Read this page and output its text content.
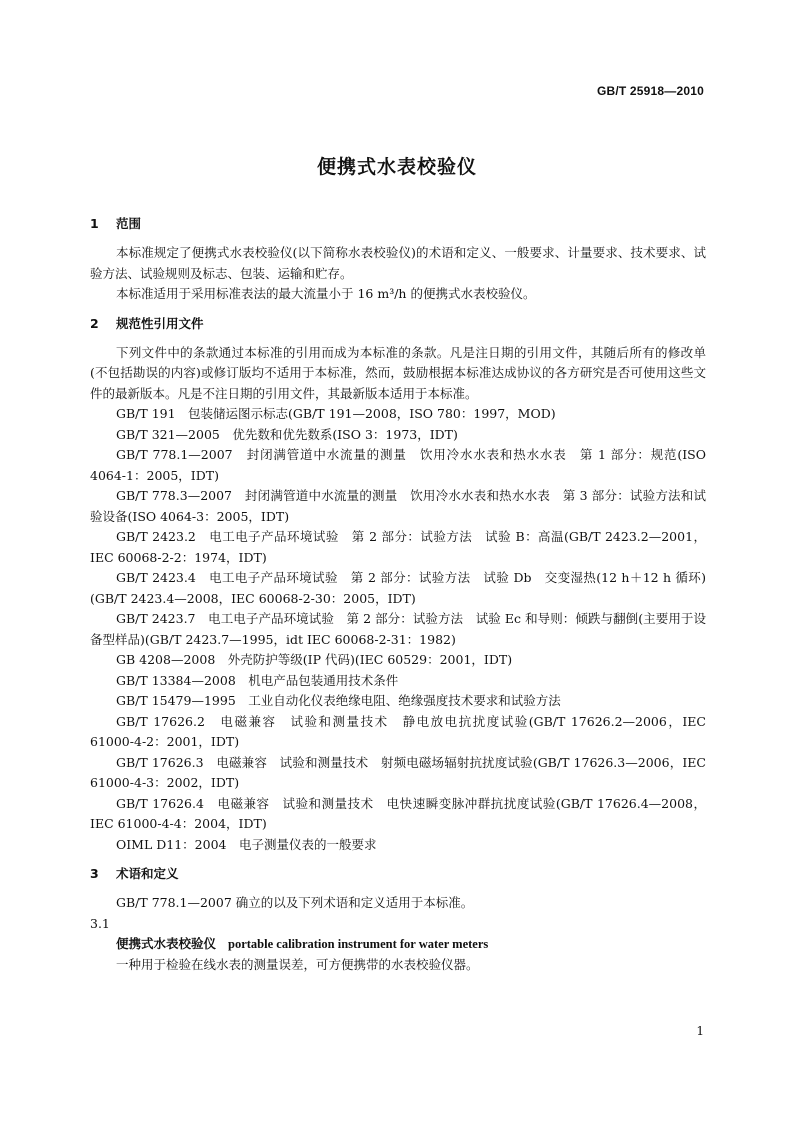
GB/T 25918—2010
便携式水表校验仪
1 范围

本标准规定了便携式水表校验仪(以下简称水表校验仪)的术语和定义、一般要求、计量要求、技术要求、试验方法、试验规则及标志、包装、运输和贮存。

本标准适用于采用标准表法的最大流量小于 16 m³/h 的便携式水表校验仪。

2 规范性引用文件

下列文件中的条款通过本标准的引用而成为本标准的条款。凡是注日期的引用文件，其随后所有的修改单(不包括勘误的内容)或修订版均不适用于本标准，然而，鼓励根据本标准达成协议的各方研究是否可使用这些文件的最新版本。凡是不注日期的引用文件，其最新版本适用于本标准。

GB/T 191　包装储运图示标志(GB/T 191—2008，ISO 780：1997，MOD)

GB/T 321—2005　优先数和优先数系(ISO 3：1973，IDT)

GB/T 778.1—2007　封闭满管道中水流量的测量　饮用冷水水表和热水水表　第 1 部分：规范(ISO 4064-1：2005，IDT)

GB/T 778.3—2007　封闭满管道中水流量的测量　饮用冷水水表和热水水表　第 3 部分：试验方法和试验设备(ISO 4064-3：2005，IDT)

GB/T 2423.2　电工电子产品环境试验　第 2 部分：试验方法　试验 B：高温(GB/T 2423.2—2001，IEC 60068-2-2：1974，IDT)

GB/T 2423.4　电工电子产品环境试验　第 2 部分：试验方法　试验 Db　交变湿热(12 h＋12 h 循环)(GB/T 2423.4—2008，IEC 60068-2-30：2005，IDT)

GB/T 2423.7　电工电子产品环境试验　第 2 部分：试验方法　试验 Ec 和导则：倾跌与翻倒(主要用于设备型样品)(GB/T 2423.7—1995，idt IEC 60068-2-31：1982)

GB 4208—2008　外壳防护等级(IP 代码)(IEC 60529：2001，IDT)

GB/T 13384—2008　机电产品包装通用技术条件

GB/T 15479—1995　工业自动化仪表绝缘电阻、绝缘强度技术要求和试验方法

GB/T 17626.2　电磁兼容　试验和测量技术　静电放电抗扰度试验(GB/T 17626.2—2006，IEC 61000-4-2：2001，IDT)

GB/T 17626.3　电磁兼容　试验和测量技术　射频电磁场辐射抗扰度试验(GB/T 17626.3—2006，IEC 61000-4-3：2002，IDT)

GB/T 17626.4　电磁兼容　试验和测量技术　电快速瞬变脉冲群抗扰度试验(GB/T 17626.4—2008，IEC 61000-4-4：2004，IDT)

OIML D11：2004　电子测量仪表的一般要求

3 术语和定义

GB/T 778.1—2007 确立的以及下列术语和定义适用于本标准。

3.1

便携式水表校验仪 portable calibration instrument for water meters

一种用于检验在线水表的测量误差，可方便携带的水表校验仪器。

1
